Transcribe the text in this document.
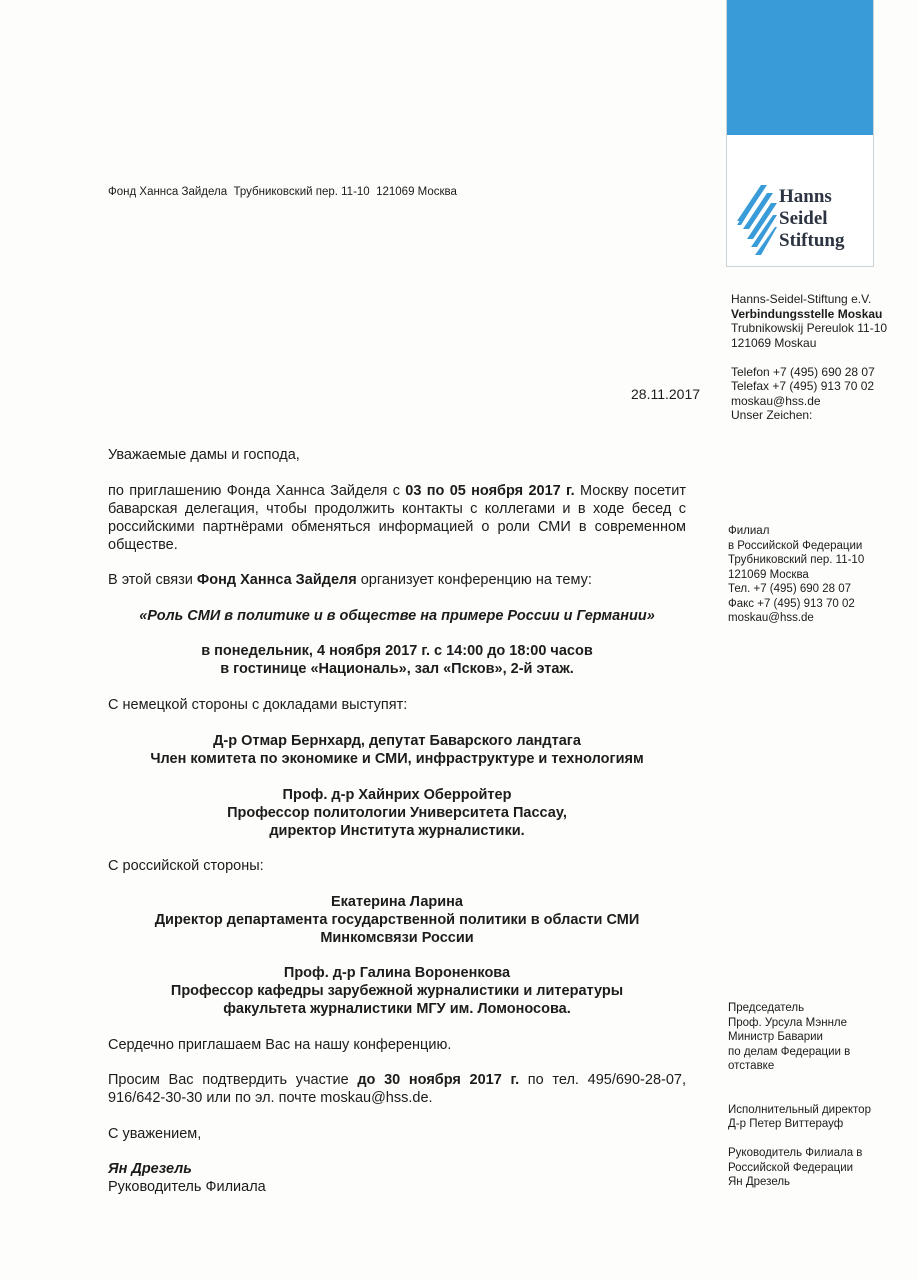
Hanns
Seidel
Stiftung
Фонд Ханнса Зайдела  Трубниковский пер. 11-10  121069 Москва
Hanns-Seidel-Stiftung e.V.
Verbindungsstelle Moskau
Trubnikowskij Pereulok 11-10
121069 Moskau
Telefon +7 (495) 690 28 07
Telefax +7 (495) 913 70 02
moskau@hss.de
Unser Zeichen:
28.11.2017
Филиал
в Российской Федерации
Трубниковский пер. 11-10
121069 Москва
Тел. +7 (495) 690 28 07
Факс +7 (495) 913 70 02
moskau@hss.de
Председатель
Проф. Урсула Мэннле
Министр Баварии
по делам Федерации в
отставке
Исполнительный директор
Д-р Петер Виттерауф
Руководитель Филиала в
Российской Федерации
Ян Дрезель
Уважаемые дамы и господа,
по приглашению Фонда Ханнса Зайделя с 03 по 05 ноября 2017 г. Москву посетит баварская делегация, чтобы продолжить контакты с коллегами и в ходе бесед с российскими партнёрами обменяться информацией о роли СМИ в современном обществе.
В этой связи Фонд Ханнса Зайделя организует конференцию на тему:
«Роль СМИ в политике и в обществе на примере России и Германии»
в понедельник, 4 ноября 2017 г. с 14:00 до 18:00 часов
в гостинице «Националь», зал «Псков», 2-й этаж.
С немецкой стороны с докладами выступят:
Д-р Отмар Бернхард, депутат Баварского ландтага
Член комитета по экономике и СМИ, инфраструктуре и технологиям
Проф. д-р Хайнрих Оберройтер
Профессор политологии Университета Пассау,
директор Института журналистики.
С российской стороны:
Екатерина Ларина
Директор департамента государственной политики в области СМИ
Минкомсвязи России
Проф. д-р Галина Вороненкова
Профессор кафедры зарубежной журналистики и литературы
факультета журналистики МГУ им. Ломоносова.
Сердечно приглашаем Вас на нашу конференцию.
Просим Вас подтвердить участие до 30 ноября 2017 г. по тел. 495/690-28-07, 916/642-30-30 или по эл. почте moskau@hss.de.
С уважением,
Ян Дрезель
Руководитель Филиала
